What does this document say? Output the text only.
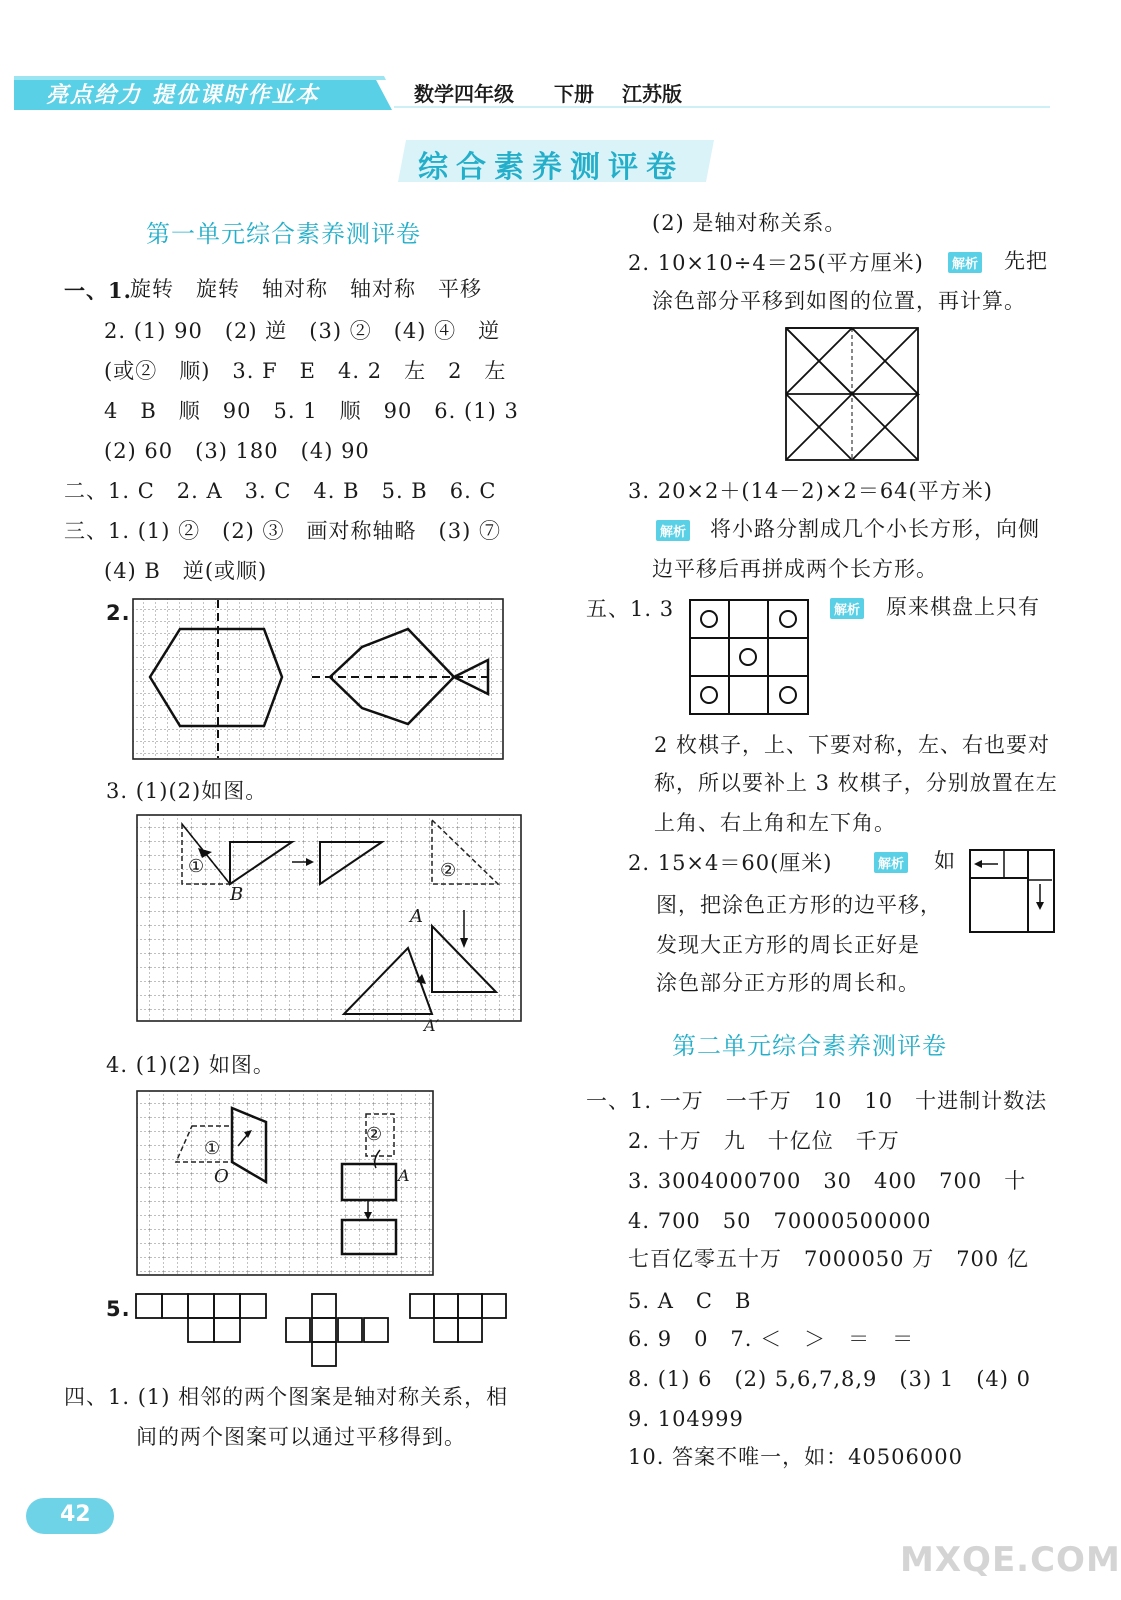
亮点给力 提优课时作业本	数学四年级 下册 江苏版
综合素养测评卷
第一单元综合素养测评卷
一、1.
旋转　旋转　轴对称　轴对称　平移
2. (1) 90　(2) 逆　(3) ②　(4) ④　逆
(或②　顺)　3. F　E　4. 2　左　2　左
4　B　顺　90　5. 1　顺　90　6. (1) 3
(2) 60　(3) 180　(4) 90
二、1. C　2. A　3. C　4. B　5. B　6. C
三、1. (1) ②　(2) ③　画对称轴略　(3) ⑦
(4) B　逆(或顺)
2.
3. (1)(2)如图。
①	②
B
A
A′
4. (1)(2) 如图。
①
②
O	A
5.
四、1. (1) 相邻的两个图案是轴对称关系，相
间的两个图案可以通过平移得到。
42
(2) 是轴对称关系。
2. 10×10÷4＝25(平方厘米)	解析 先把
涂色部分平移到如图的位置，再计算。
3. 20×2＋(14－2)×2＝64(平方米)
解析 将小路分割成几个小长方形，向侧
边平移后再拼成两个长方形。
五、1. 3	解析 原来棋盘上只有
2 枚棋子，上、下要对称，左、右也要对
称，所以要补上 3 枚棋子，分别放置在左
上角、右上角和左下角。
2. 15×4＝60(厘米)	解析 如
图，把涂色正方形的边平移，
发现大正方形的周长正好是
涂色部分正方形的周长和。
第二单元综合素养测评卷
一、1. 一万　一千万　10　10　十进制计数法
2. 十万　九　十亿位　千万
3. 3004000700　30　400　700　十
4. 700　50　70000500000
七百亿零五十万　7000050 万　700 亿
5. A　C　B
6. 9　0　7. ＜　＞　＝　＝
8. (1) 6　(2) 5,6,7,8,9　(3) 1　(4) 0
9. 104999
10. 答案不唯一，如：40506000
MXQE.COM
